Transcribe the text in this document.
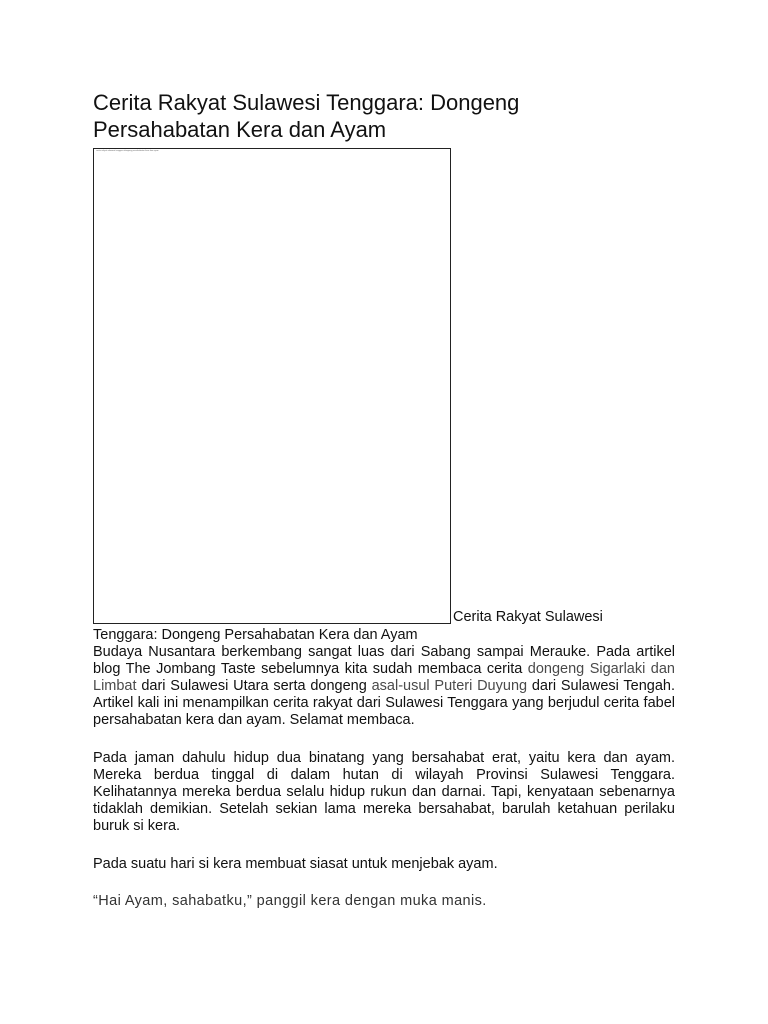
Cerita Rakyat Sulawesi Tenggara: Dongeng Persahabatan Kera dan Ayam
cerita rakyat sulawesi tenggara dongeng persahabatan kera dan ayam
Cerita Rakyat Sulawesi
Tenggara: Dongeng Persahabatan Kera dan Ayam

Budaya Nusantara berkembang sangat luas dari Sabang sampai Merauke. Pada artikel blog The Jombang Taste sebelumnya kita sudah membaca cerita dongeng Sigarlaki dan Limbat dari Sulawesi Utara serta dongeng asal-usul Puteri Duyung dari Sulawesi Tengah. Artikel kali ini menampilkan cerita rakyat dari Sulawesi Tenggara yang berjudul cerita fabel persahabatan kera dan ayam. Selamat membaca.

Pada jaman dahulu hidup dua binatang yang bersahabat erat, yaitu kera dan ayam. Mereka berdua tinggal di dalam hutan di wilayah Provinsi Sulawesi Tenggara. Kelihatannya mereka berdua selalu hidup rukun dan darnai. Tapi, kenyataan sebenarnya tidaklah demikian. Setelah sekian lama mereka bersahabat, barulah ketahuan perilaku buruk si kera.

Pada suatu hari si kera membuat siasat untuk menjebak ayam.

“Hai Ayam, sahabatku,” panggil kera dengan muka manis.
